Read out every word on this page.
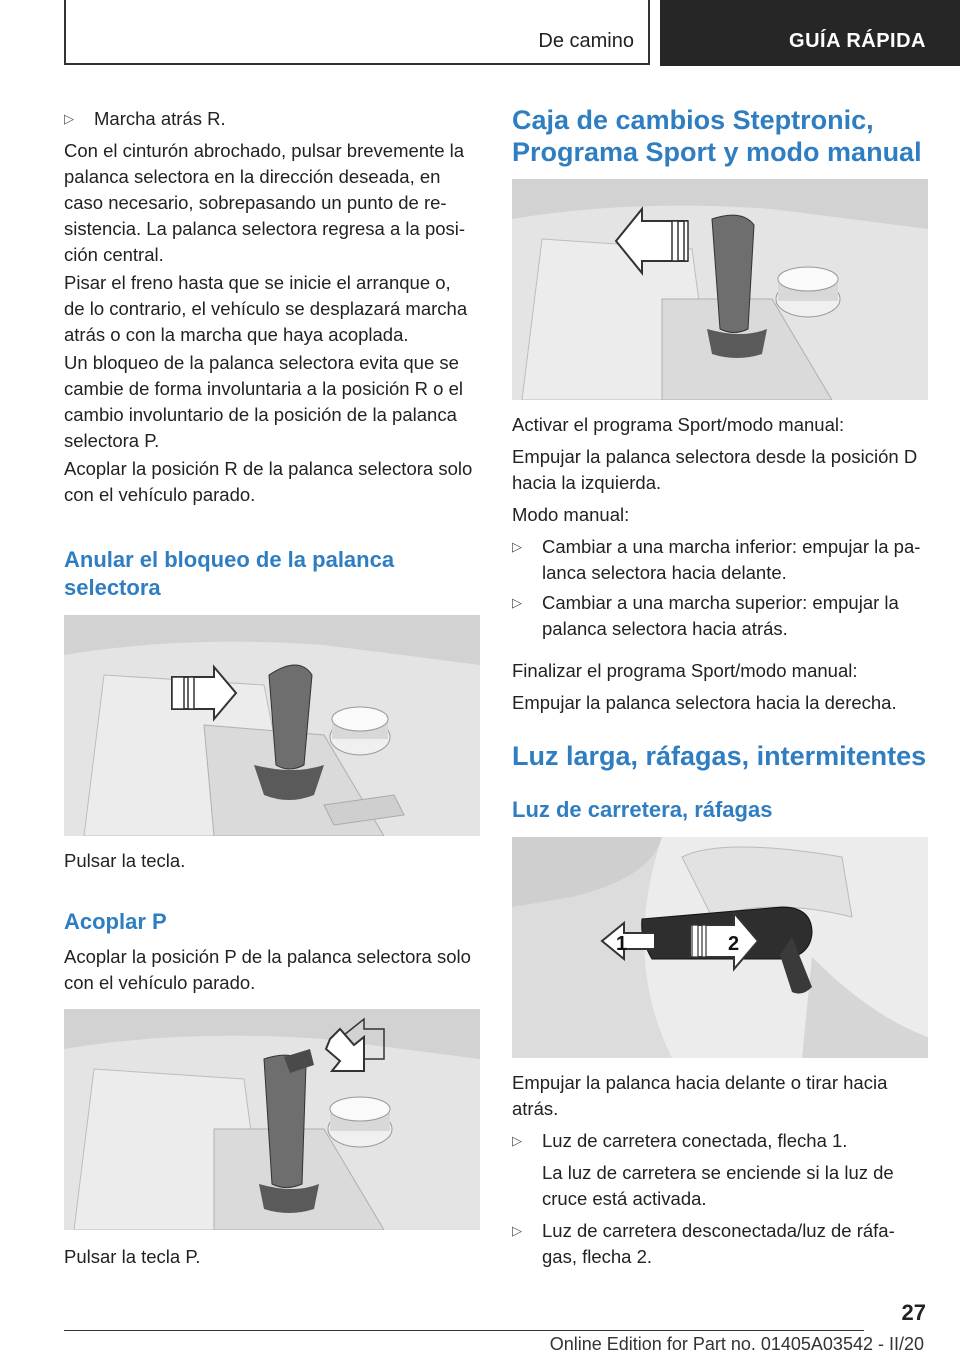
De camino	GUÍA RÁPIDA
▷ Marcha atrás R.

Con el cinturón abrochado, pulsar brevemente la

palanca selectora en la dirección deseada, en

caso necesario, sobrepasando un punto de re‐

sistencia. La palanca selectora regresa a la posi‐

ción central.

Pisar el freno hasta que se inicie el arranque o,

de lo contrario, el vehículo se desplazará marcha

atrás o con la marcha que haya acoplada.

Un bloqueo de la palanca selectora evita que se

cambie de forma involuntaria a la posición R o el

cambio involuntario de la posición de la palanca

selectora P.

Acoplar la posición R de la palanca selectora solo

con el vehículo parado.

Anular el bloqueo de la palanca
selectora

Pulsar la tecla.

Acoplar P

Acoplar la posición P de la palanca selectora solo

con el vehículo parado.

Pulsar la tecla P.

Caja de cambios Steptronic,
Programa Sport y modo manual

Activar el programa Sport/modo manual:

Empujar la palanca selectora desde la posición D

hacia la izquierda.

Modo manual:

▷ Cambiar a una marcha inferior: empujar la pa‐
lanca selectora hacia delante.
▷ Cambiar a una marcha superior: empujar la
palanca selectora hacia atrás.

Finalizar el programa Sport/modo manual:

Empujar la palanca selectora hacia la derecha.

Luz larga, ráfagas, intermitentes
Luz de carretera, ráfagas
1	2

Empujar la palanca hacia delante o tirar hacia

atrás.

▷ Luz de carretera conectada, flecha 1.

La luz de carretera se enciende si la luz de

cruce está activada.

▷ Luz de carretera desconectada/luz de ráfa‐
gas, flecha 2.
27
Online Edition for Part no. 01405A03542 - II/20
